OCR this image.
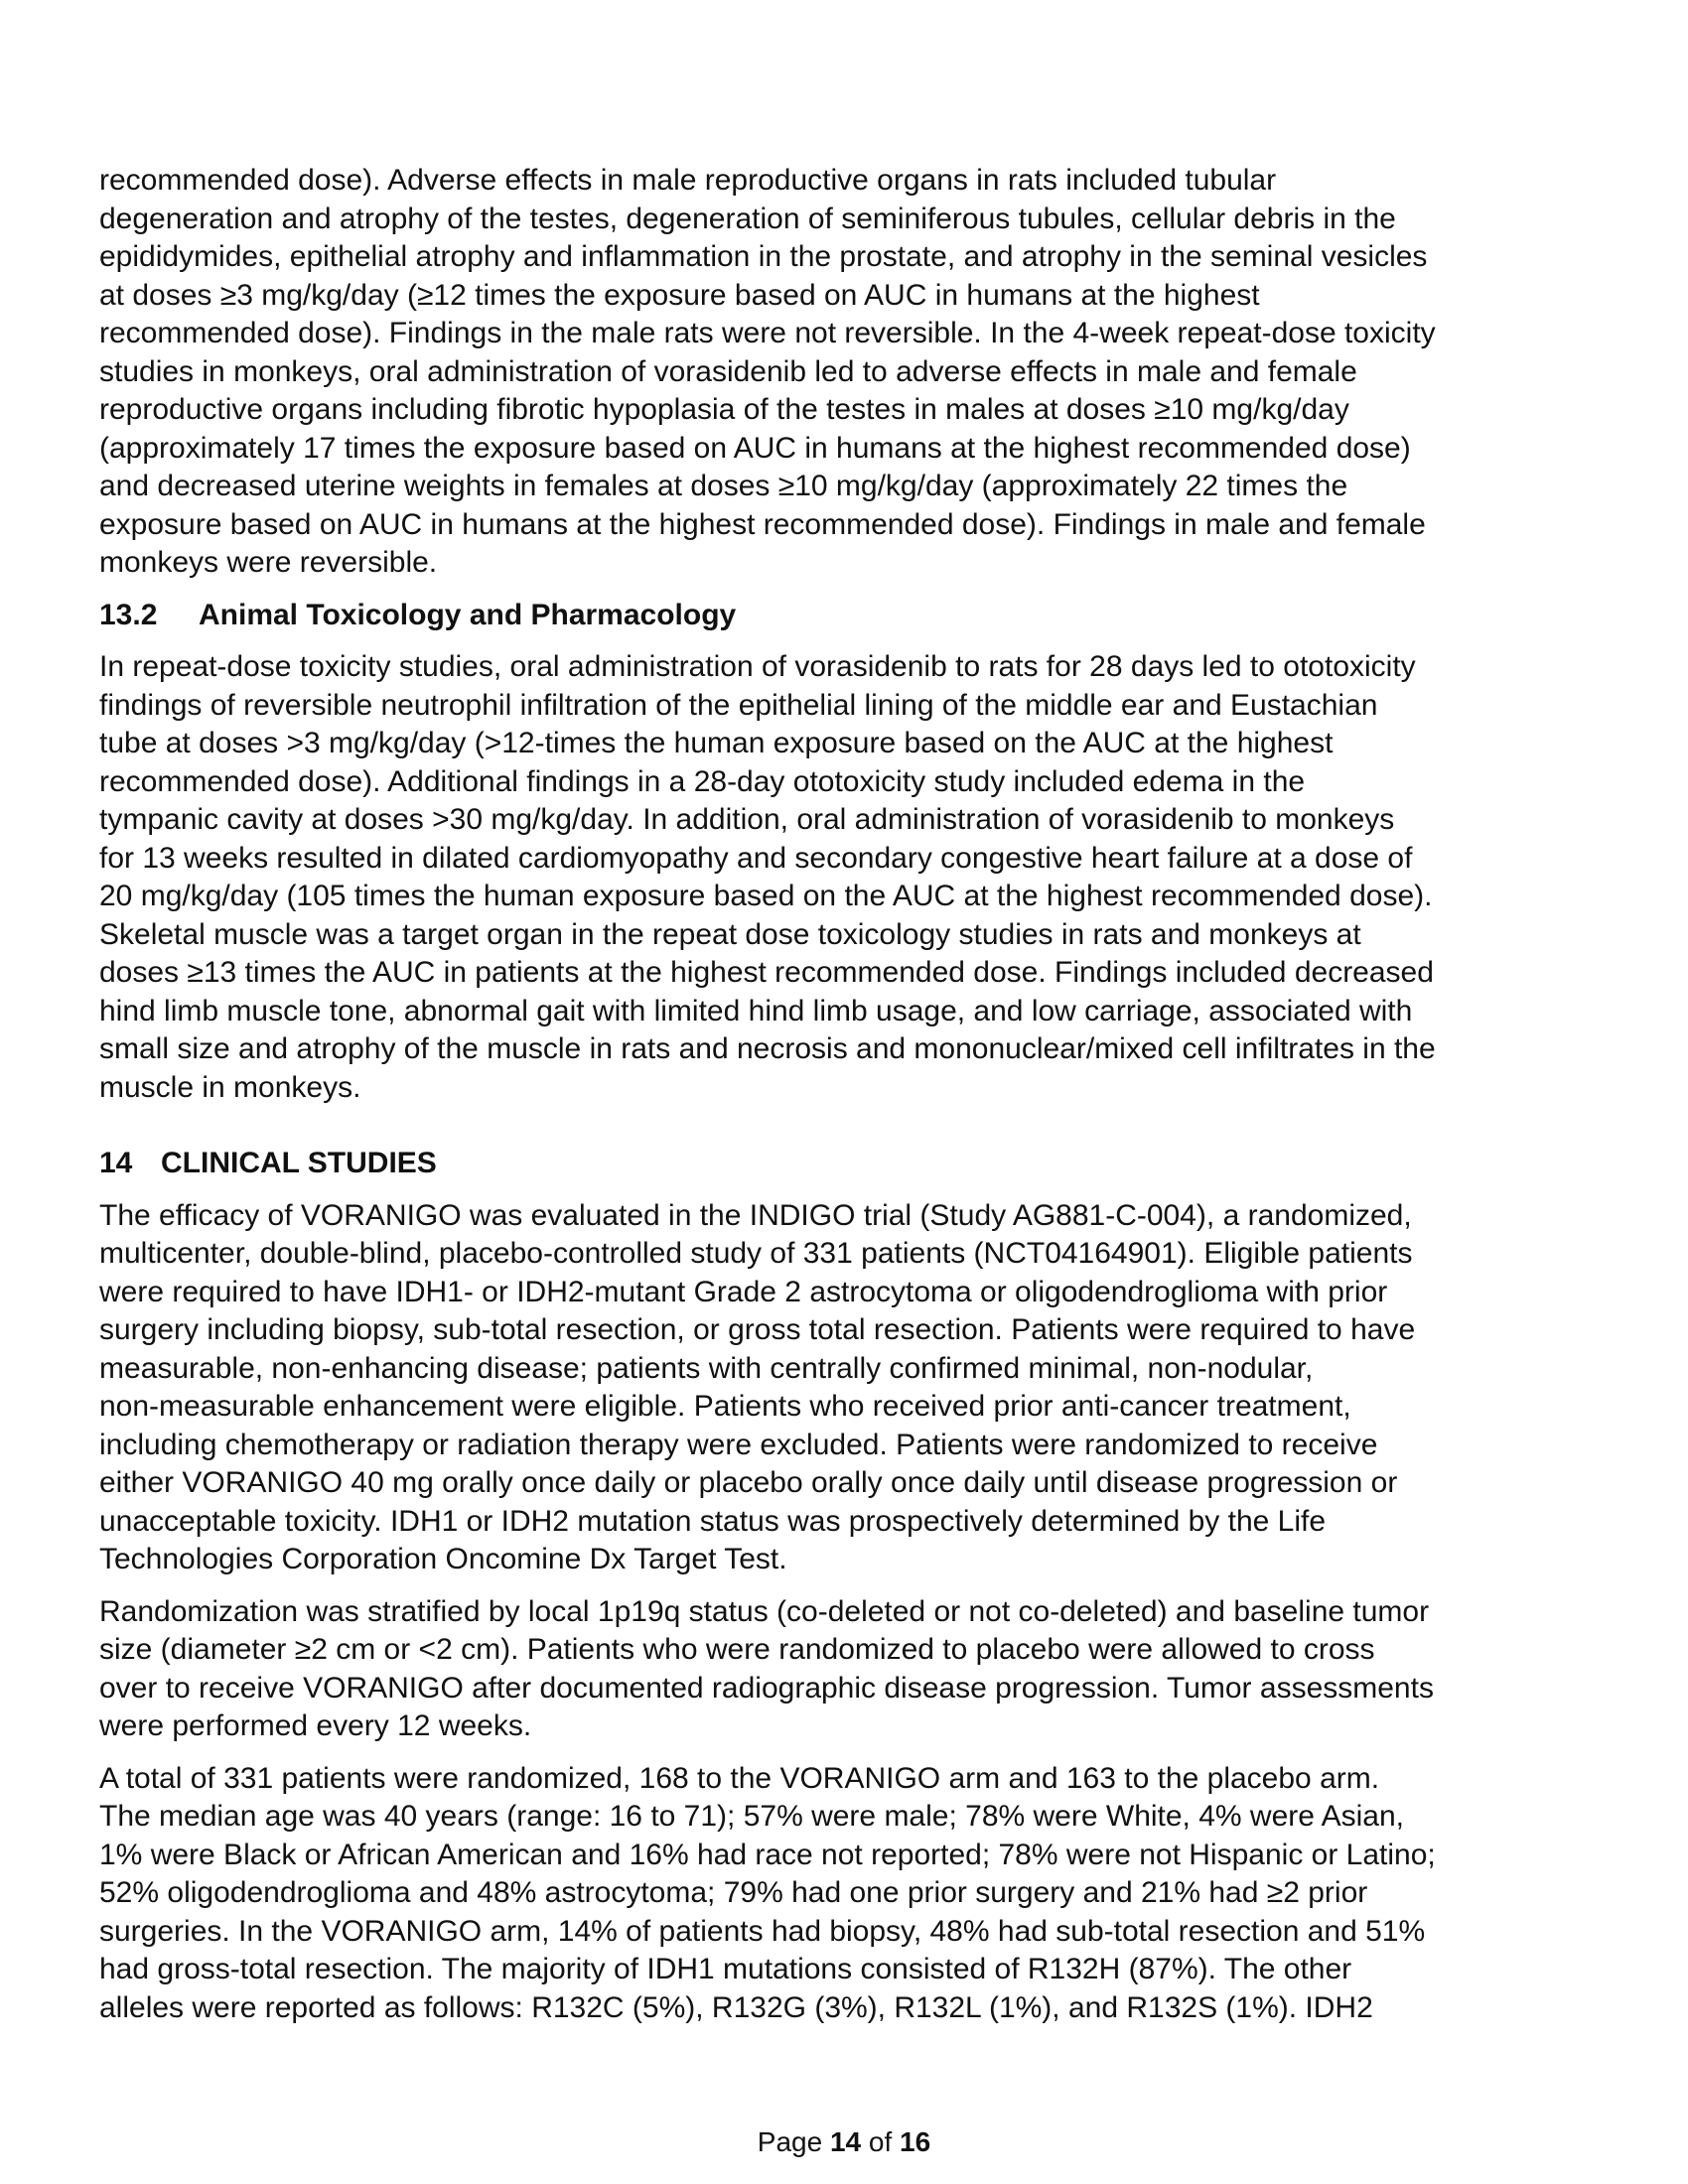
recommended dose). Adverse effects in male reproductive organs in rats included tubular
degeneration and atrophy of the testes, degeneration of seminiferous tubules, cellular debris in the
epididymides, epithelial atrophy and inflammation in the prostate, and atrophy in the seminal vesicles
at doses ≥3 mg/kg/day (≥12 times the exposure based on AUC in humans at the highest
recommended dose). Findings in the male rats were not reversible. In the 4-week repeat-dose toxicity
studies in monkeys, oral administration of vorasidenib led to adverse effects in male and female
reproductive organs including fibrotic hypoplasia of the testes in males at doses ≥10 mg/kg/day
(approximately 17 times the exposure based on AUC in humans at the highest recommended dose)
and decreased uterine weights in females at doses ≥10 mg/kg/day (approximately 22 times the
exposure based on AUC in humans at the highest recommended dose). Findings in male and female
monkeys were reversible.
13.2 Animal Toxicology and Pharmacology
In repeat-dose toxicity studies, oral administration of vorasidenib to rats for 28 days led to ototoxicity
findings of reversible neutrophil infiltration of the epithelial lining of the middle ear and Eustachian
tube at doses >3 mg/kg/day (>12-times the human exposure based on the AUC at the highest
recommended dose). Additional findings in a 28-day ototoxicity study included edema in the
tympanic cavity at doses >30 mg/kg/day. In addition, oral administration of vorasidenib to monkeys
for 13 weeks resulted in dilated cardiomyopathy and secondary congestive heart failure at a dose of
20 mg/kg/day (105 times the human exposure based on the AUC at the highest recommended dose).
Skeletal muscle was a target organ in the repeat dose toxicology studies in rats and monkeys at
doses ≥13 times the AUC in patients at the highest recommended dose. Findings included decreased
hind limb muscle tone, abnormal gait with limited hind limb usage, and low carriage, associated with
small size and atrophy of the muscle in rats and necrosis and mononuclear/mixed cell infiltrates in the
muscle in monkeys.
14 CLINICAL STUDIES
The efficacy of VORANIGO was evaluated in the INDIGO trial (Study AG881-C-004), a randomized,
multicenter, double-blind, placebo-controlled study of 331 patients (NCT04164901). Eligible patients
were required to have IDH1- or IDH2-mutant Grade 2 astrocytoma or oligodendroglioma with prior
surgery including biopsy, sub-total resection, or gross total resection. Patients were required to have
measurable, non-enhancing disease; patients with centrally confirmed minimal, non-nodular,
non-measurable enhancement were eligible. Patients who received prior anti-cancer treatment,
including chemotherapy or radiation therapy were excluded. Patients were randomized to receive
either VORANIGO 40 mg orally once daily or placebo orally once daily until disease progression or
unacceptable toxicity. IDH1 or IDH2 mutation status was prospectively determined by the Life
Technologies Corporation Oncomine Dx Target Test.
Randomization was stratified by local 1p19q status (co-deleted or not co-deleted) and baseline tumor
size (diameter ≥2 cm or <2 cm). Patients who were randomized to placebo were allowed to cross
over to receive VORANIGO after documented radiographic disease progression. Tumor assessments
were performed every 12 weeks.
A total of 331 patients were randomized, 168 to the VORANIGO arm and 163 to the placebo arm.
The median age was 40 years (range: 16 to 71); 57% were male; 78% were White, 4% were Asian,
1% were Black or African American and 16% had race not reported; 78% were not Hispanic or Latino;
52% oligodendroglioma and 48% astrocytoma; 79% had one prior surgery and 21% had ≥2 prior
surgeries. In the VORANIGO arm, 14% of patients had biopsy, 48% had sub-total resection and 51%
had gross-total resection. The majority of IDH1 mutations consisted of R132H (87%). The other
alleles were reported as follows: R132C (5%), R132G (3%), R132L (1%), and R132S (1%). IDH2
Page 14 of 16
